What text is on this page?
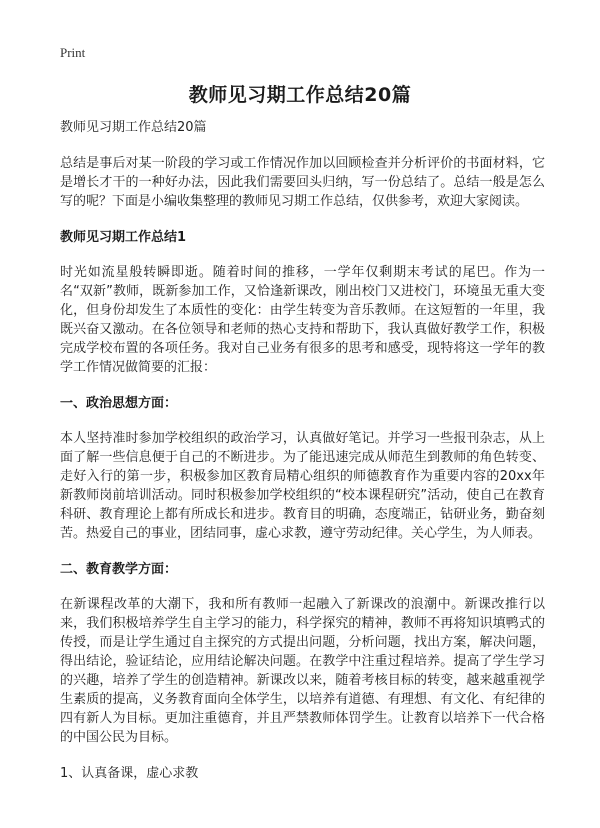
Print
教师见习期工作总结20篇

教师见习期工作总结20篇

总结是事后对某一阶段的学习或工作情况作加以回顾检查并分析评价的书面材料，它是增长才干的一种好办法，因此我们需要回头归纳，写一份总结了。总结一般是怎么写的呢？下面是小编收集整理的教师见习期工作总结，仅供参考，欢迎大家阅读。

教师见习期工作总结1

时光如流星般转瞬即逝。随着时间的推移，一学年仅剩期末考试的尾巴。作为一名“双新”教师，既新参加工作，又恰逢新课改，刚出校门又进校门，环境虽无重大变化，但身份却发生了本质性的变化：由学生转变为音乐教师。在这短暂的一年里，我既兴奋又激动。在各位领导和老师的热心支持和帮助下，我认真做好教学工作，积极完成学校布置的各项任务。我对自己业务有很多的思考和感受，现特将这一学年的教学工作情况做简要的汇报：

一、政治思想方面：

本人坚持准时参加学校组织的政治学习，认真做好笔记。并学习一些报刊杂志，从上面了解一些信息便于自己的不断进步。为了能迅速完成从师范生到教师的角色转变、走好入行的第一步，积极参加区教育局精心组织的师德教育作为重要内容的20xx年新教师岗前培训活动。同时积极参加学校组织的“校本课程研究”活动，使自己在教育科研、教育理论上都有所成长和进步。教育目的明确，态度端正，钻研业务，勤奋刻苦。热爱自己的事业，团结同事，虚心求教，遵守劳动纪律。关心学生，为人师表。

二、教育教学方面：

在新课程改革的大潮下，我和所有教师一起融入了新课改的浪潮中。新课改推行以来，我们积极培养学生自主学习的能力，科学探究的精神，教师不再将知识填鸭式的传授，而是让学生通过自主探究的方式提出问题，分析问题，找出方案，解决问题，得出结论，验证结论，应用结论解决问题。在教学中注重过程培养。提高了学生学习的兴趣，培养了学生的创造精神。新课改以来，随着考核目标的转变，越来越重视学生素质的提高，义务教育面向全体学生，以培养有道德、有理想、有文化、有纪律的四有新人为目标。更加注重德育，并且严禁教师体罚学生。让教育以培养下一代合格的中国公民为目标。

1、认真备课，虚心求教
